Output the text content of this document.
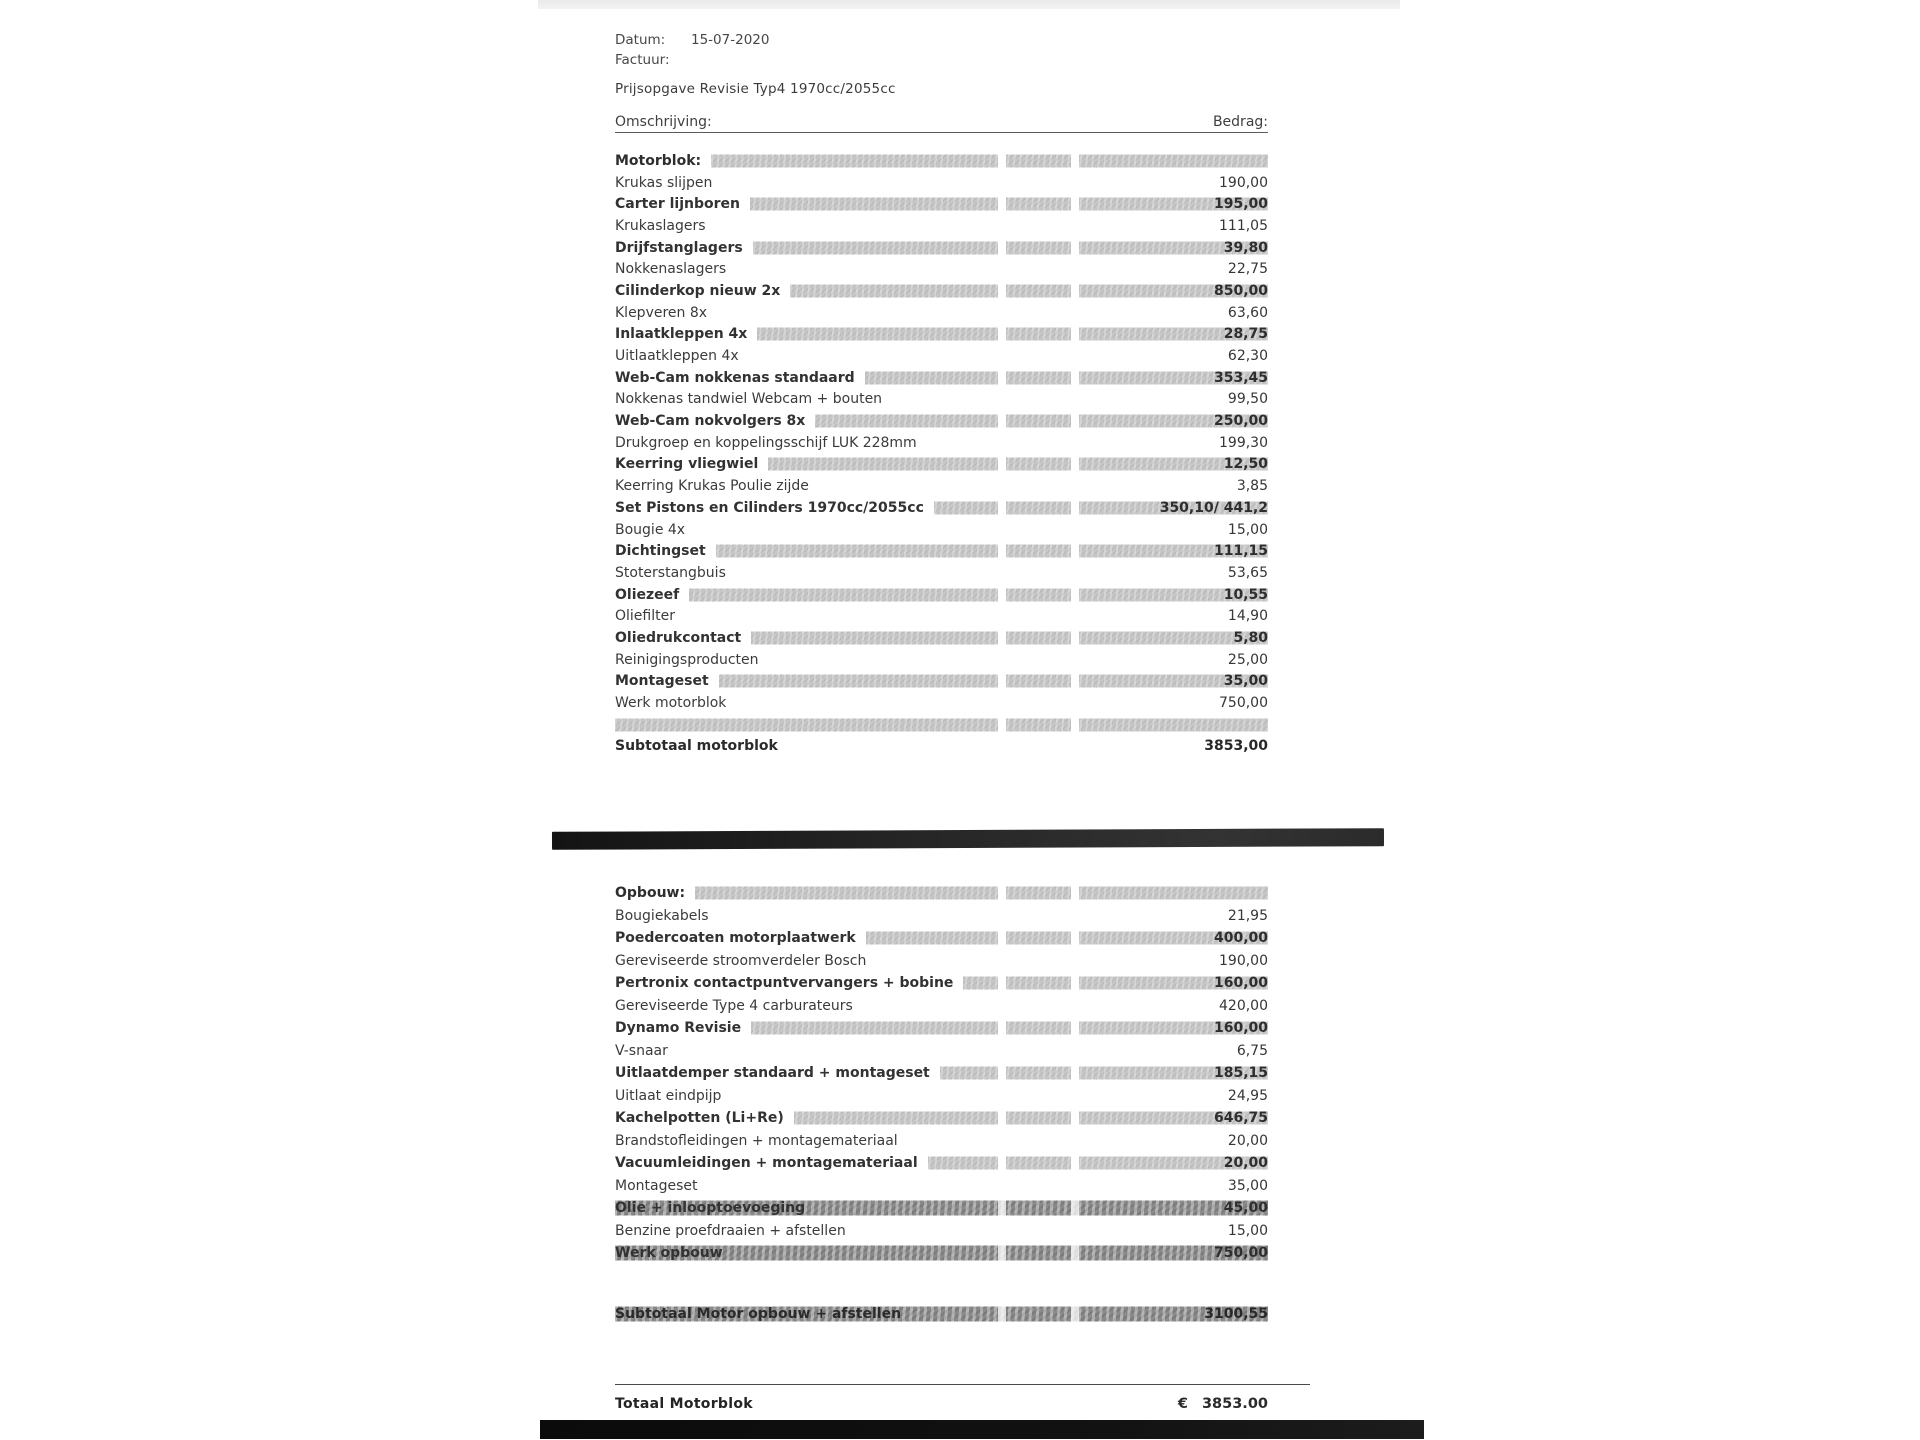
Datum:	15-07-2020
Factuur:
Prijsopgave Revisie Typ4 1970cc/2055cc
Omschrijving:	Bedrag:
Motorblok:
Krukas slijpen	190,00
Carter lijnboren	195,00
Krukaslagers	111,05
Drijfstanglagers	39,80
Nokkenaslagers	22,75
Cilinderkop nieuw 2x	850,00
Klepveren 8x	63,60
Inlaatkleppen 4x	28,75
Uitlaatkleppen 4x	62,30
Web-Cam nokkenas standaard	353,45
Nokkenas tandwiel Webcam + bouten	99,50
Web-Cam nokvolgers 8x	250,00
Drukgroep en koppelingsschijf LUK 228mm	199,30
Keerring vliegwiel	12,50
Keerring Krukas Poulie zijde	3,85
Set Pistons en Cilinders 1970cc/2055cc	350,10/ 441,2
Bougie 4x	15,00
Dichtingset	111,15
Stoterstangbuis	53,65
Oliezeef	10,55
Oliefilter	14,90
Oliedrukcontact	5,80
Reinigingsproducten	25,00
Montageset	35,00
Werk motorblok	750,00
Subtotaal motorblok	3853,00
Opbouw:
Bougiekabels	21,95
Poedercoaten motorplaatwerk	400,00
Gereviseerde stroomverdeler Bosch	190,00
Pertronix contactpuntvervangers + bobine	160,00
Gereviseerde Type 4 carburateurs	420,00
Dynamo Revisie	160,00
V-snaar	6,75
Uitlaatdemper standaard + montageset	185,15
Uitlaat eindpijp	24,95
Kachelpotten (Li+Re)	646,75
Brandstofleidingen + montagemateriaal	20,00
Vacuumleidingen + montagemateriaal	20,00
Montageset	35,00
Olie + inlooptoevoeging	45,00
Benzine proefdraaien + afstellen	15,00
Werk opbouw	750,00
Subtotaal Motor opbouw + afstellen	3100,55
Totaal Motorblok	€ 3853.00
